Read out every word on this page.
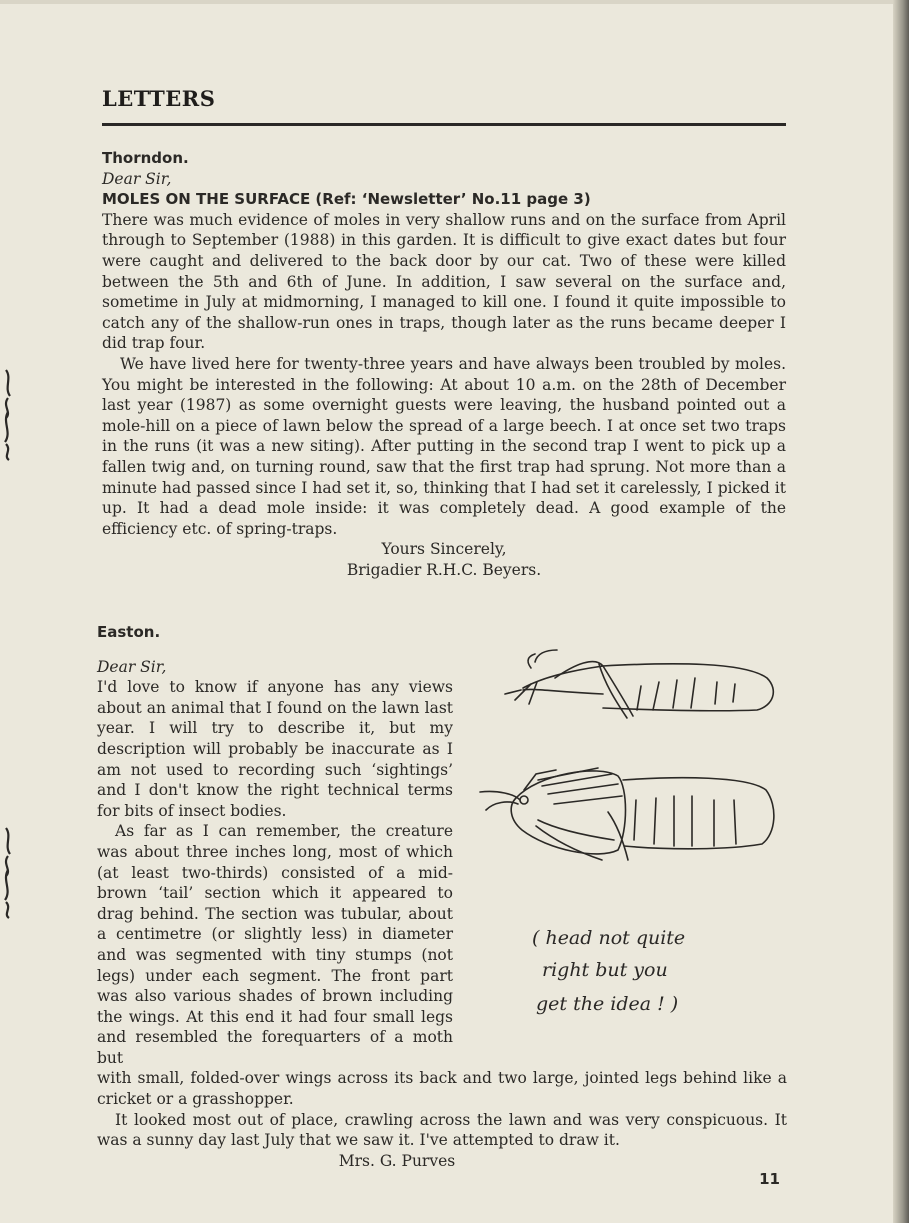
LETTERS

Thorndon.

Dear Sir,

MOLES ON THE SURFACE (Ref: ‘Newsletter’ No.11 page 3)

There was much evidence of moles in very shallow runs and on the surface from April through to September (1988) in this garden. It is difficult to give exact dates but four were caught and delivered to the back door by our cat. Two of these were killed between the 5th and 6th of June. In addition, I saw several on the surface and, sometime in July at midmorning, I managed to kill one. I found it quite impossible to catch any of the shallow-run ones in traps, though later as the runs became deeper I did trap four.

We have lived here for twenty-three years and have always been troubled by moles. You might be interested in the following: At about 10 a.m. on the 28th of December last year (1987) as some overnight guests were leaving, the husband pointed out a mole-hill on a piece of lawn below the spread of a large beech. I at once set two traps in the runs (it was a new siting). After putting in the second trap I went to pick up a fallen twig and, on turning round, saw that the first trap had sprung. Not more than a minute had passed since I had set it, so, thinking that I had set it carelessly, I picked it up. It had a dead mole inside: it was completely dead. A good example of the efficiency etc. of spring-traps.

Yours Sincerely,

Brigadier R.H.C. Beyers.

Easton.

Dear Sir,

I'd love to know if anyone has any views about an animal that I found on the lawn last year. I will try to describe it, but my description will probably be inaccurate as I am not used to recording such ‘sightings’ and I don't know the right technical terms for bits of insect bodies.

As far as I can remember, the creature was about three inches long, most of which (at least two-thirds) consisted of a mid-brown ‘tail’ section which it appeared to drag behind. The section was tubular, about a centimetre (or slightly less) in diameter and was segmented with tiny stumps (not legs) under each segment. The front part was also various shades of brown including the wings. At this end it had four small legs and resembled the forequarters of a moth but

with small, folded-over wings across its back and two large, jointed legs behind like a cricket or a grasshopper.

It looked most out of place, crawling across the lawn and was very conspicuous. It was a sunny day last July that we saw it. I've attempted to draw it.

Mrs. G. Purves

( head not quite
right but you
get the idea ! )
11
